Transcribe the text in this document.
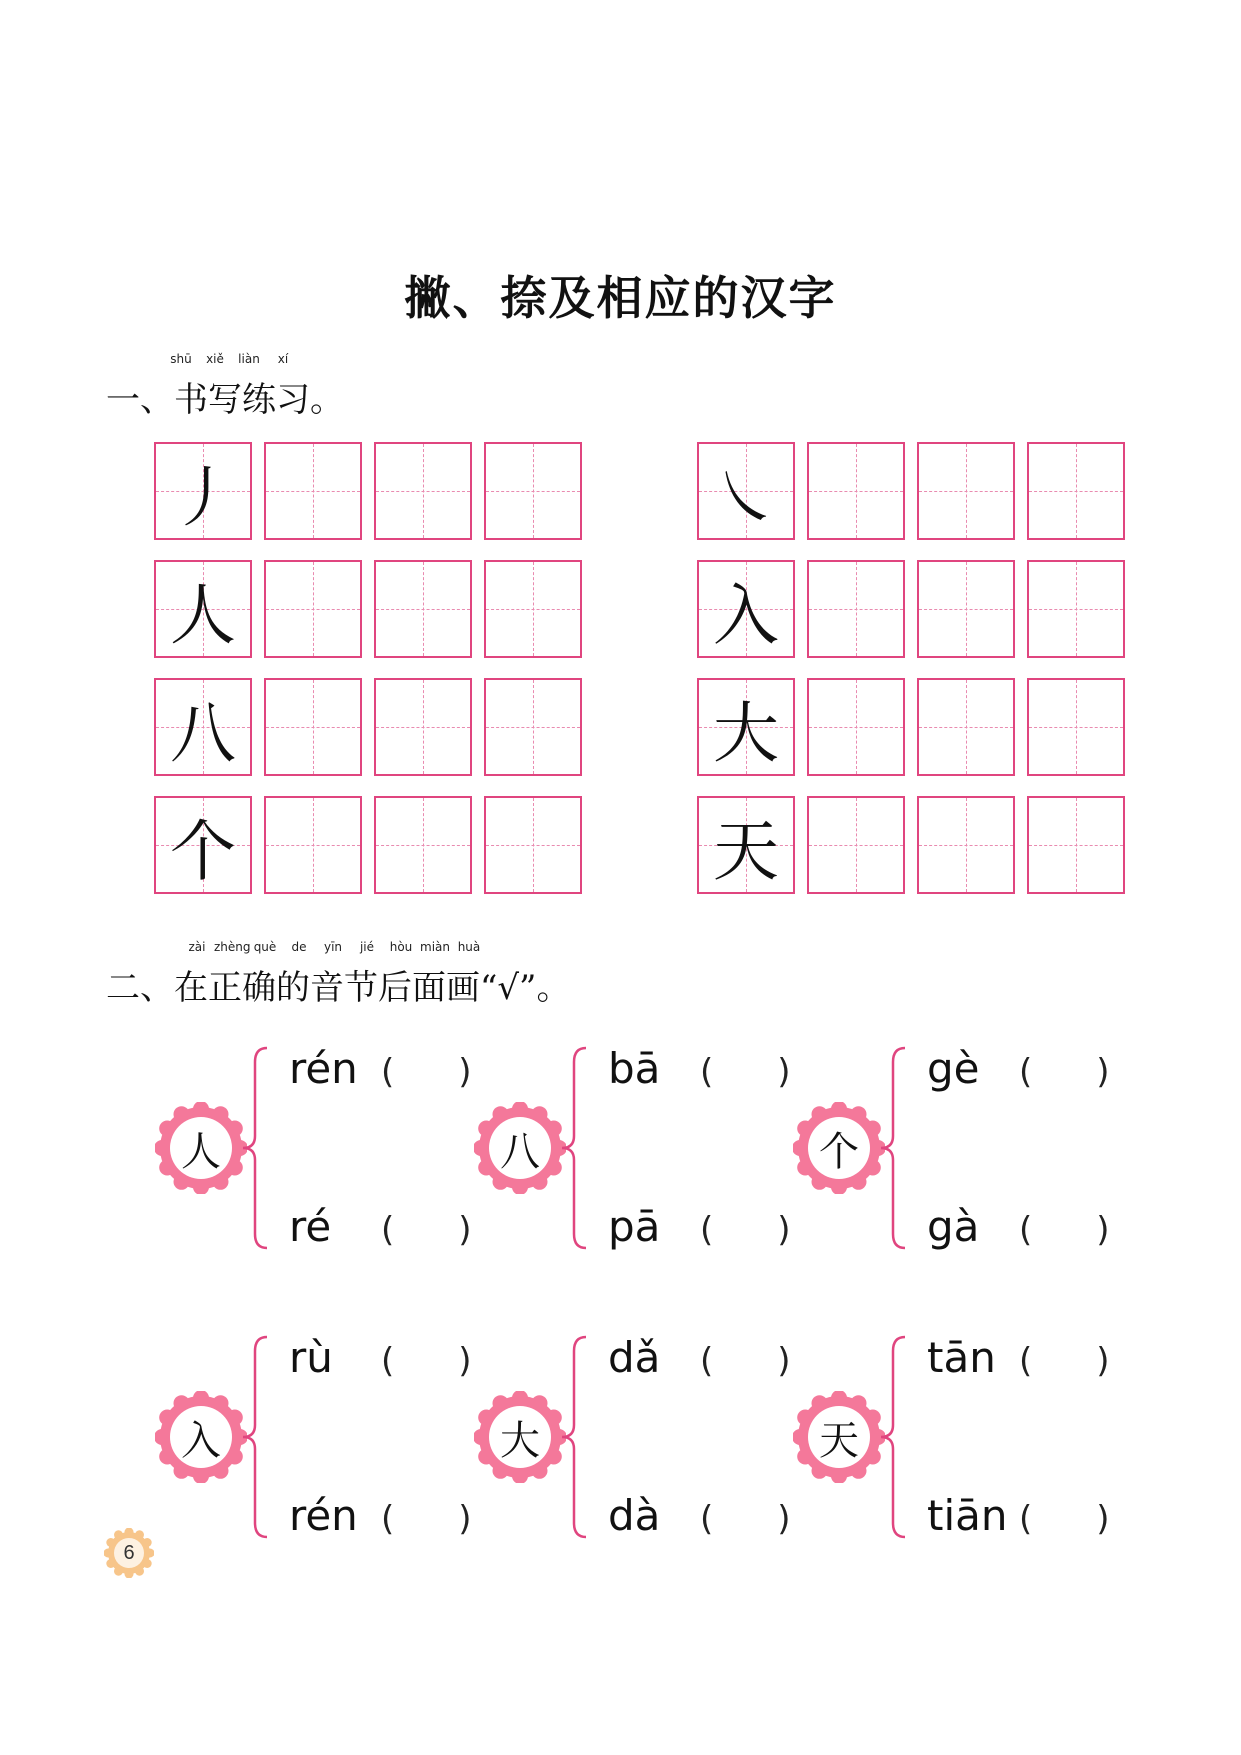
撇、捺及相应的汉字
shū	xiě	liàn	xí
一、书写练习。
丿
人
八
个
㇏
入
大
天
zài zhèng què	de	yīn	jié	hòu miàn huà
二、在正确的音节后面画“√”。
人
rén ( )
ré ( )
八
bā ( )
pā ( )
个
gè ( )
gà ( )
入
rù ( )
rén ( )
大
dǎ ( )
dà ( )
天
tān ( )
tiān ( )
6
